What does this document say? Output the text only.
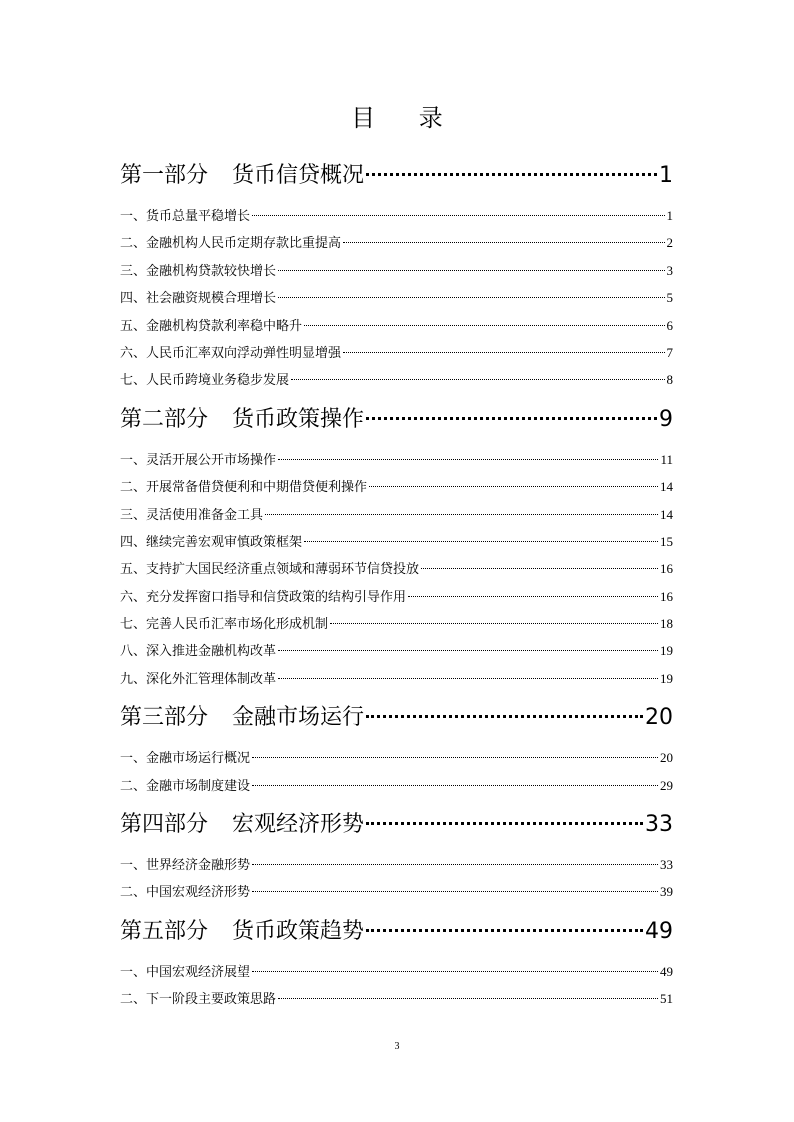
目 录
第一部分 货币信贷概况	1
一、货币总量平稳增长	1
二、金融机构人民币定期存款比重提高	2
三、金融机构贷款较快增长	3
四、社会融资规模合理增长	5
五、金融机构贷款利率稳中略升	6
六、人民币汇率双向浮动弹性明显增强	7
七、人民币跨境业务稳步发展	8
第二部分 货币政策操作	9
一、灵活开展公开市场操作	11
二、开展常备借贷便利和中期借贷便利操作	14
三、灵活使用准备金工具	14
四、继续完善宏观审慎政策框架	15
五、支持扩大国民经济重点领域和薄弱环节信贷投放	16
六、充分发挥窗口指导和信贷政策的结构引导作用	16
七、完善人民币汇率市场化形成机制	18
八、深入推进金融机构改革	19
九、深化外汇管理体制改革	19
第三部分 金融市场运行	20
一、金融市场运行概况	20
二、金融市场制度建设	29
第四部分 宏观经济形势	33
一、世界经济金融形势	33
二、中国宏观经济形势	39
第五部分 货币政策趋势	49
一、中国宏观经济展望	49
二、下一阶段主要政策思路	51
3
